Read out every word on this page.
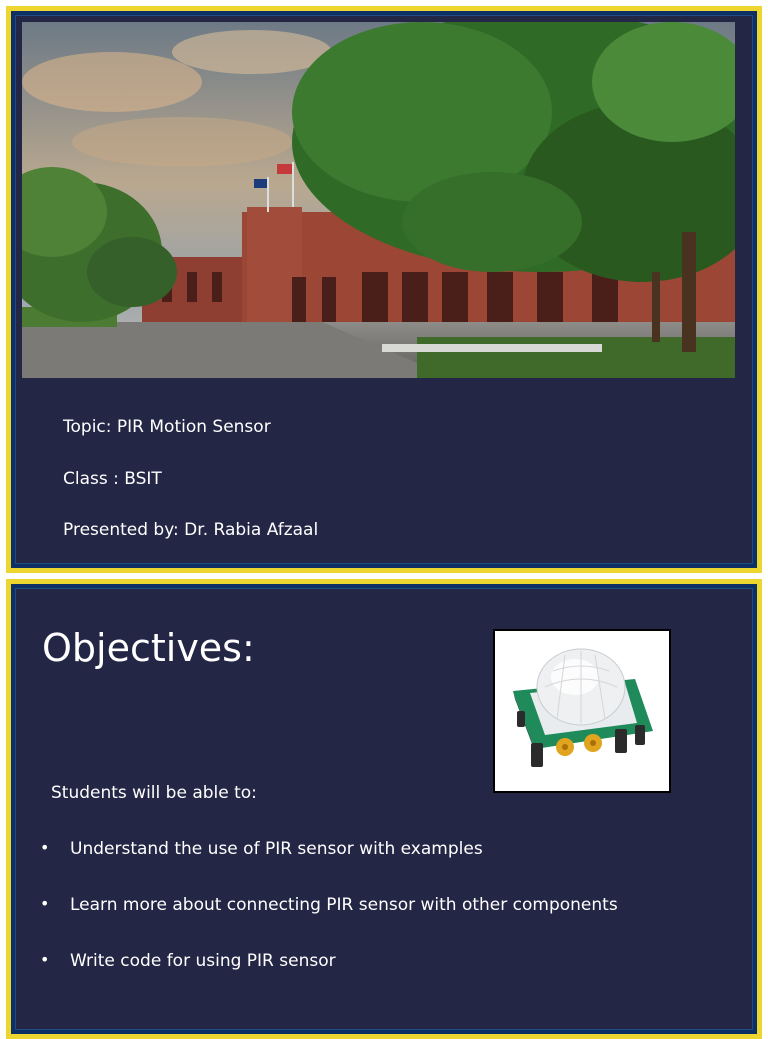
Topic: PIR Motion Sensor
Class : BSIT
Presented by: Dr. Rabia Afzaal
Objectives:
Students will be able to:
• Understand the use of PIR sensor with examples
• Learn more about connecting PIR sensor with other components
• Write code for using PIR sensor
